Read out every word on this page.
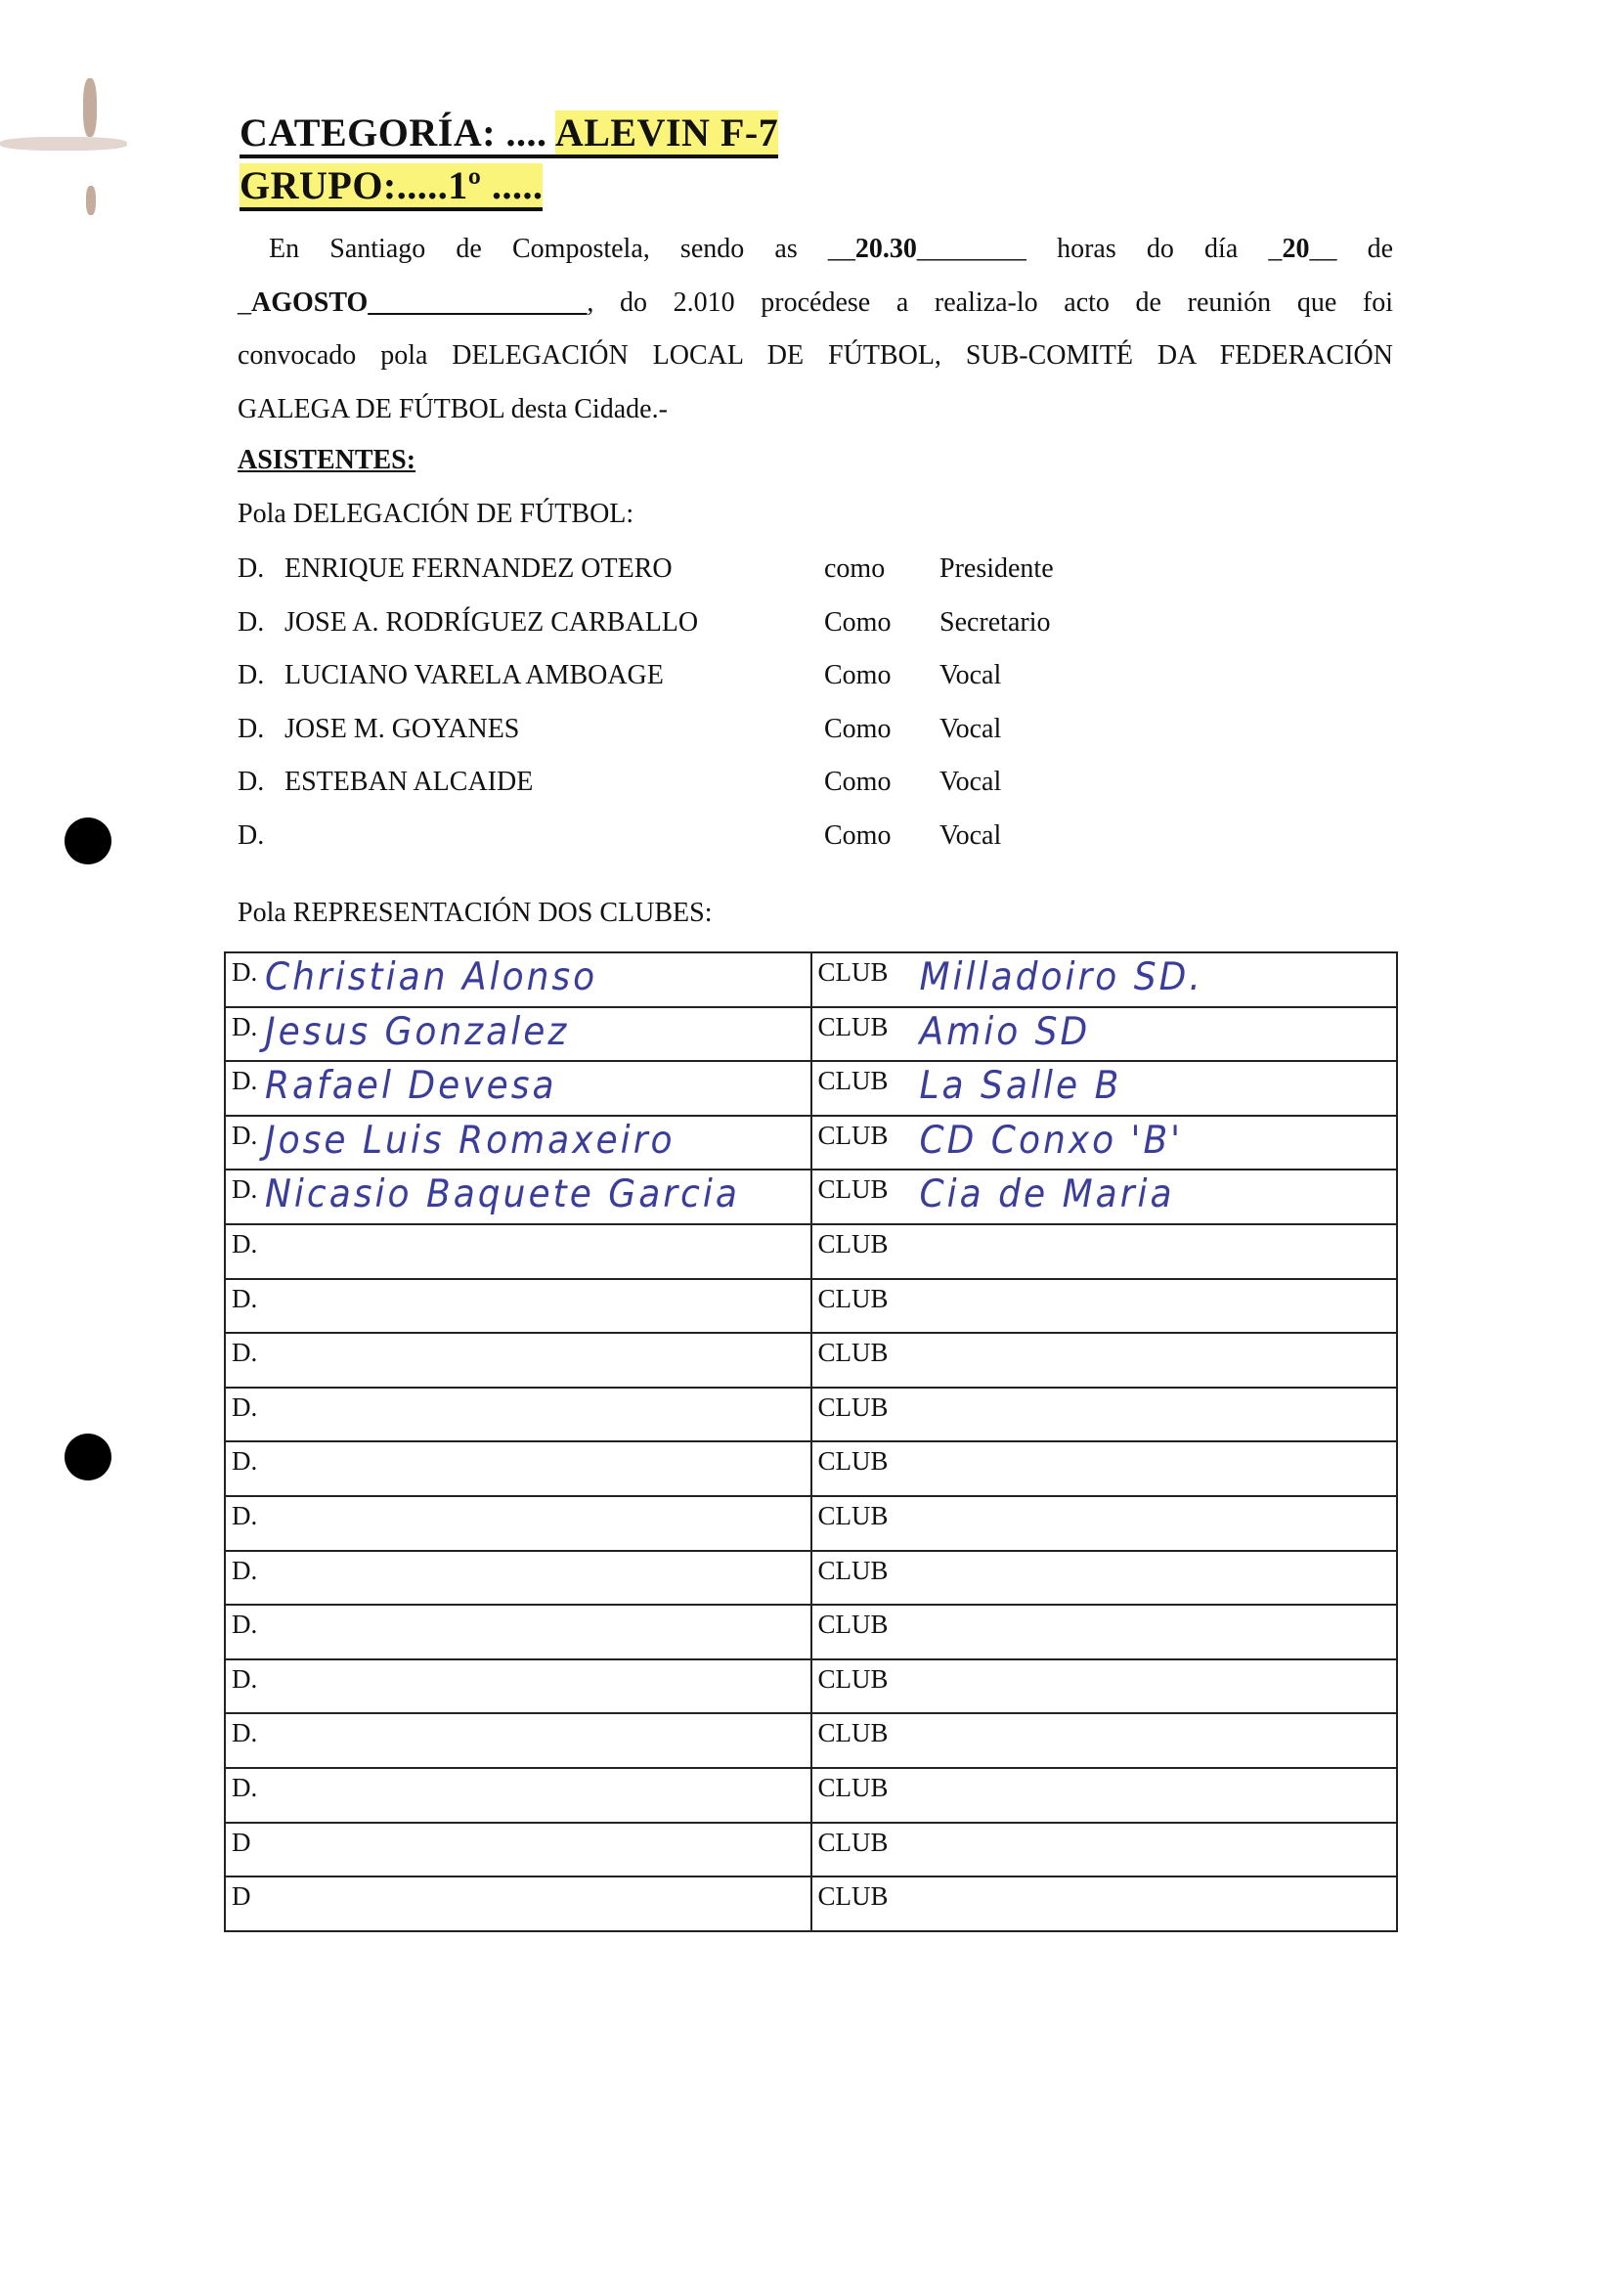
CATEGORÍA: .... ALEVIN F-7
GRUPO:.....1º .....
En Santiago de Compostela, sendo as __20.30________ horas do día _20__ de
_AGOSTO________________, do 2.010 procédese a realiza-lo acto de reunión que foi
convocado pola DELEGACIÓN LOCAL DE FÚTBOL, SUB-COMITÉ DA FEDERACIÓN
GALEGA DE FÚTBOL desta Cidade.-
ASISTENTES:
Pola DELEGACIÓN DE FÚTBOL:
D. ENRIQUE FERNANDEZ OTERO	como	Presidente
D. JOSE A. RODRÍGUEZ CARBALLO	Como	Secretario
D. LUCIANO VARELA AMBOAGE	Como	Vocal
D. JOSE M. GOYANES	Como	Vocal
D. ESTEBAN ALCAIDE	Como	Vocal
D.	Como	Vocal
Pola REPRESENTACIÓN DOS CLUBES:
D. Christian Alonso	CLUB Milladoiro SD.

D. Jesus Gonzalez	CLUB Amio SD

D. Rafael Devesa	CLUB La Salle B

D. Jose Luis Romaxeiro	CLUB CD Conxo 'B'

D. Nicasio Baquete Garcia	CLUB Cia de Maria

D.	CLUB

D.	CLUB

D.	CLUB

D.	CLUB

D.	CLUB

D.	CLUB

D.	CLUB

D.	CLUB

D.	CLUB

D.	CLUB

D.	CLUB

D	CLUB

D	CLUB
